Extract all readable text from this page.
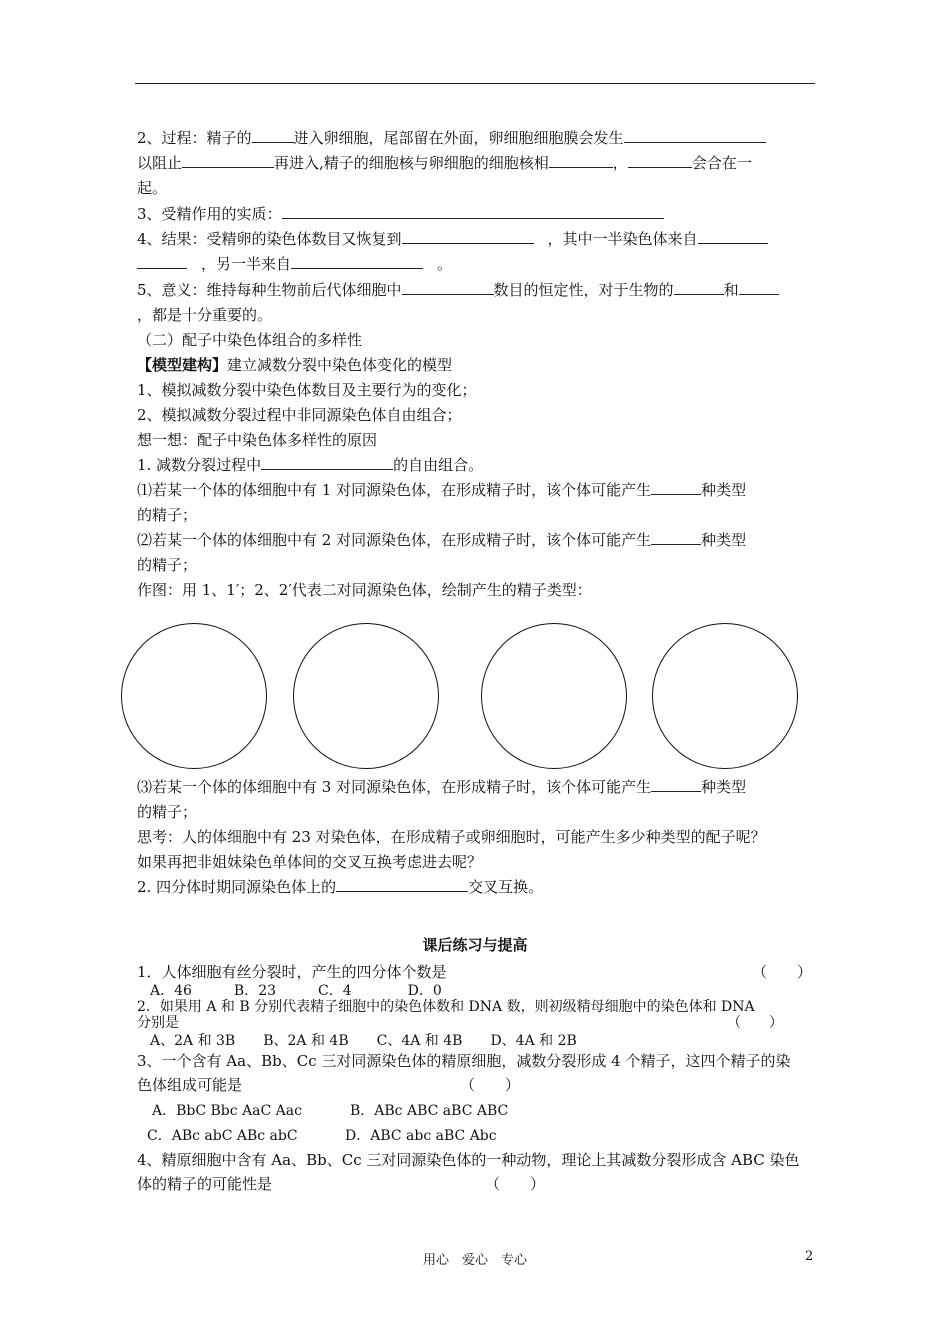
2、过程：精子的	进入卵细胞，尾部留在外面，卵细胞细胞膜会发生
以阻止	再进入,精子的细胞核与卵细胞的细胞核相	，	会合在一
起。
3、受精作用的实质：
4、结果：受精卵的染色体数目又恢复到	，其中一半染色体来自
，另一半来自	。
5、意义：维持每种生物前后代体细胞中	数目的恒定性，对于生物的	和
，都是十分重要的。
（二）配子中染色体组合的多样性
【模型建构】建立减数分裂中染色体变化的模型
1、模拟减数分裂中染色体数目及主要行为的变化；
2、模拟减数分裂过程中非同源染色体自由组合；
想一想：配子中染色体多样性的原因
1. 减数分裂过程中	的自由组合。
⑴若某一个体的体细胞中有 1 对同源染色体，在形成精子时，该个体可能产生	种类型
的精子；
⑵若某一个体的体细胞中有 2 对同源染色体，在形成精子时，该个体可能产生	种类型
的精子；
作图：用 1、1′；2、2′代表二对同源染色体，绘制产生的精子类型：
⑶若某一个体的体细胞中有 3 对同源染色体，在形成精子时，该个体可能产生	种类型
的精子；
思考：人的体细胞中有 23 对染色体，在形成精子或卵细胞时，可能产生多少种类型的配子呢？
如果再把非姐妹染色单体间的交叉互换考虑进去呢？
2. 四分体时期同源染色体上的	交叉互换。
课后练习与提高
1．人体细胞有丝分裂时，产生的四分体个数是	（　　）
A．46　　　B．23　　　C．4　　　　D．0
2．如果用 A 和 B 分别代表精子细胞中的染色体数和 DNA 数，则初级精母细胞中的染色体和 DNA
分别是	（　　）
A、2A 和 3B　　B、2A 和 4B　　C、4A 和 4B　　D、4A 和 2B
3、一个含有 Aa、Bb、Cc 三对同源染色体的精原细胞，减数分裂形成 4 个精子，这四个精子的染
色体组成可能是	（　　）
A．BbC Bbc AaC Aac	B．ABc ABC aBC ABC
C．ABc abC ABc abC	D．ABC abc aBC Abc
4、精原细胞中含有 Aa、Bb、Cc 三对同源染色体的一种动物，理论上其减数分裂形成含 ABC 染色
体的精子的可能性是	（　　）
用心　爱心　专心	2
